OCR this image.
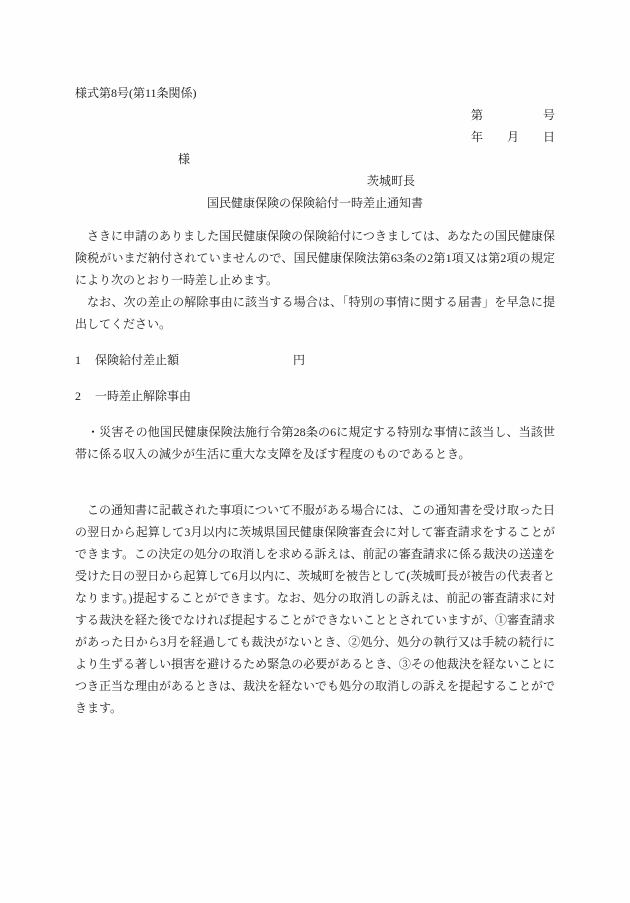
様式第8号(第11条関係)

第　　　　　号

年　　月　　日

様

茨城町長

国民健康保険の保険給付一時差止通知書

さきに申請のありました国民健康保険の保険給付につきましては、あなたの国民健康保険税がいまだ納付されていませんので、国民健康保険法第63条の2第1項又は第2項の規定により次のとおり一時差し止めます。

なお、次の差止の解除事由に該当する場合は、「特別の事情に関する届書」を早急に提出してください。

1	保険給付差止額	円
2	一時差止解除事由

・災害その他国民健康保険法施行令第28条の6に規定する特別な事情に該当し、当該世帯に係る収入の減少が生活に重大な支障を及ぼす程度のものであるとき。

この通知書に記載された事項について不服がある場合には、この通知書を受け取った日の翌日から起算して3月以内に茨城県国民健康保険審査会に対して審査請求をすることができます。この決定の処分の取消しを求める訴えは、前記の審査請求に係る裁決の送達を受けた日の翌日から起算して6月以内に、茨城町を被告として(茨城町長が被告の代表者となります。)提起することができます。なお、処分の取消しの訴えは、前記の審査請求に対する裁決を経た後でなければ提起することができないこととされていますが、①審査請求があった日から3月を経過しても裁決がないとき、②処分、処分の執行又は手続の続行により生ずる著しい損害を避けるため緊急の必要があるとき、③その他裁決を経ないことにつき正当な理由があるときは、裁決を経ないでも処分の取消しの訴えを提起することができます。
